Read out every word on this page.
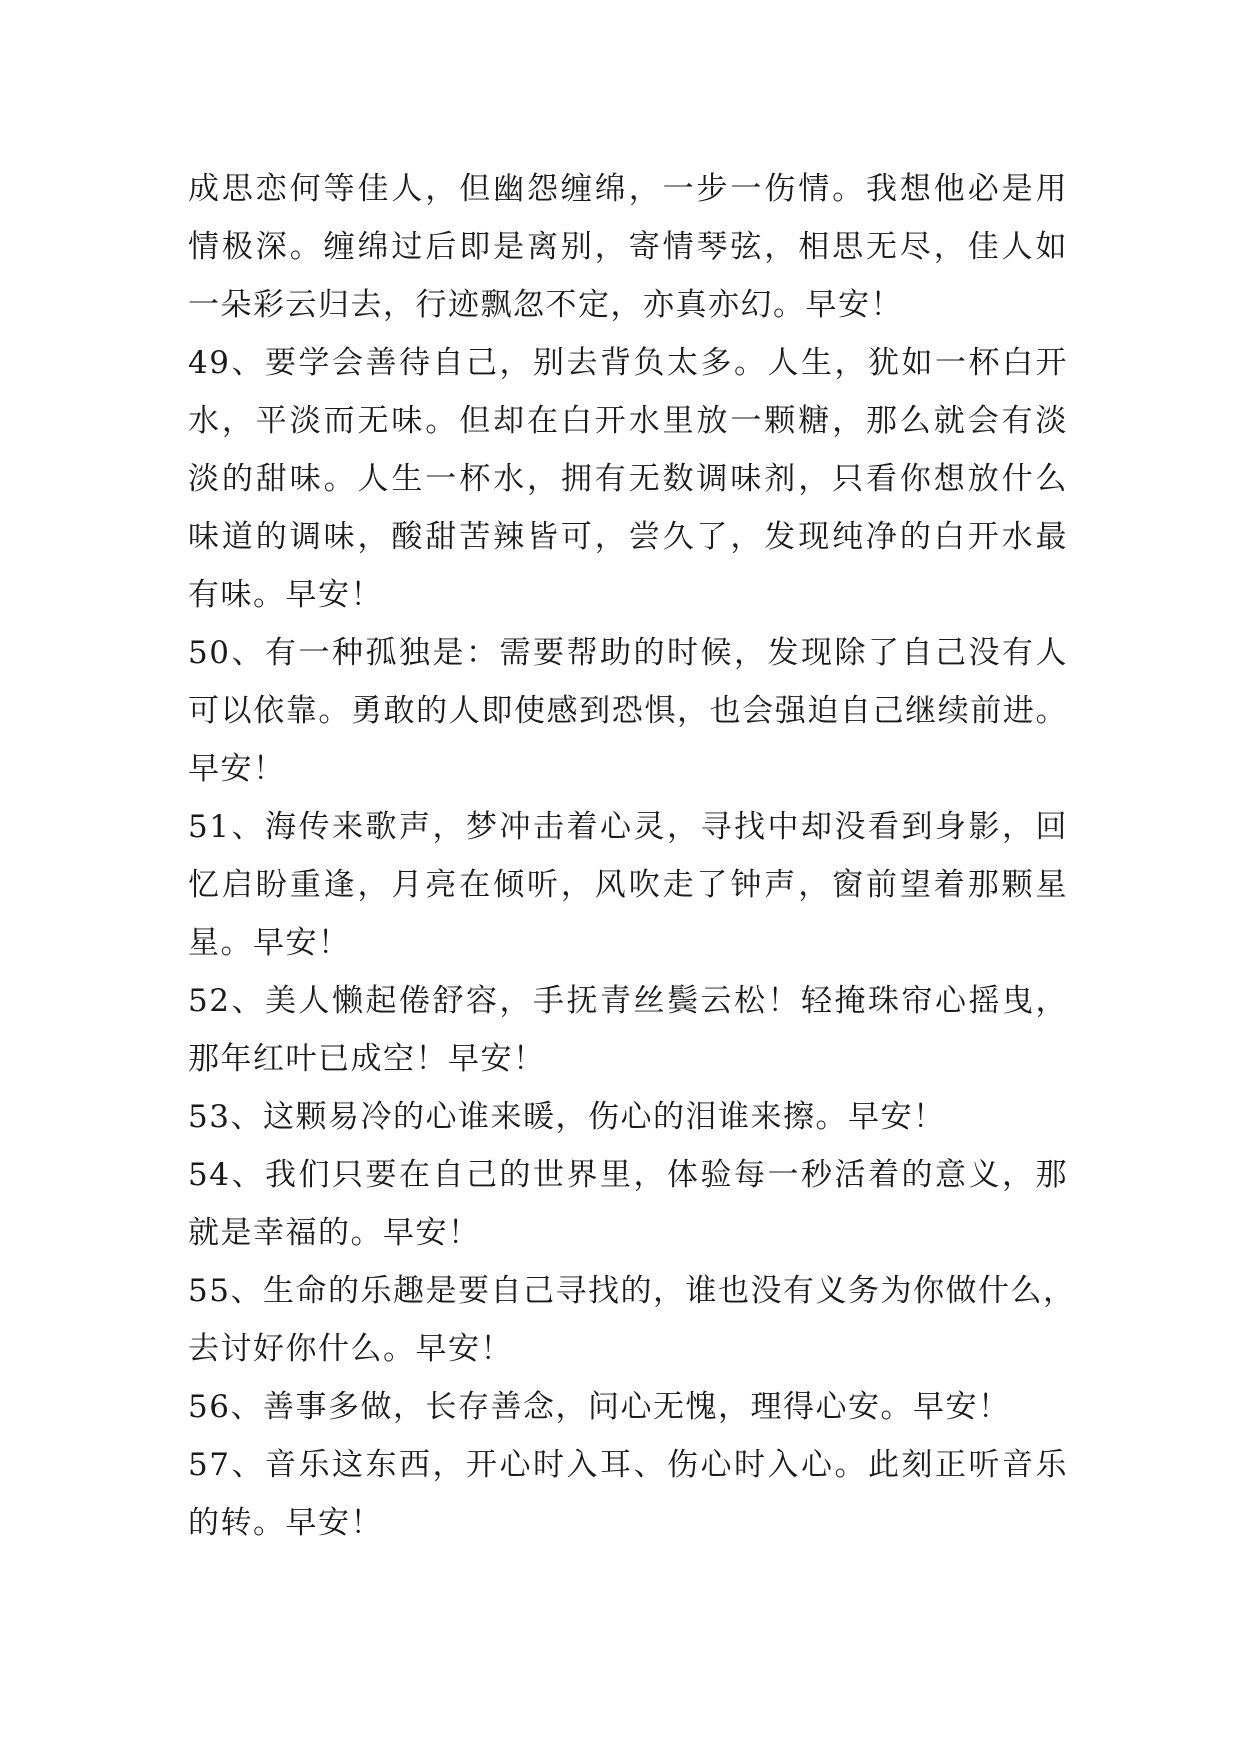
成思恋何等佳人，但幽怨缠绵，一步一伤情。我想他必是用
情极深。缠绵过后即是离别，寄情琴弦，相思无尽，佳人如
一朵彩云归去，行迹飘忽不定，亦真亦幻。早安！
49、要学会善待自己，别去背负太多。人生，犹如一杯白开
水，平淡而无味。但却在白开水里放一颗糖，那么就会有淡
淡的甜味。人生一杯水，拥有无数调味剂，只看你想放什么
味道的调味，酸甜苦辣皆可，尝久了，发现纯净的白开水最
有味。早安！
50、有一种孤独是：需要帮助的时候，发现除了自己没有人
可以依靠。勇敢的人即使感到恐惧，也会强迫自己继续前进。
早安！
51、海传来歌声，梦冲击着心灵，寻找中却没看到身影，回
忆启盼重逢，月亮在倾听，风吹走了钟声，窗前望着那颗星
星。早安！
52、美人懒起倦舒容，手抚青丝鬓云松！轻掩珠帘心摇曳，
那年红叶已成空！早安！
53、这颗易冷的心谁来暖，伤心的泪谁来擦。早安！
54、我们只要在自己的世界里，体验每一秒活着的意义，那
就是幸福的。早安！
55、生命的乐趣是要自己寻找的，谁也没有义务为你做什么，
去讨好你什么。早安！
56、善事多做，长存善念，问心无愧，理得心安。早安！
57、音乐这东西，开心时入耳、伤心时入心。此刻正听音乐
的转。早安！
